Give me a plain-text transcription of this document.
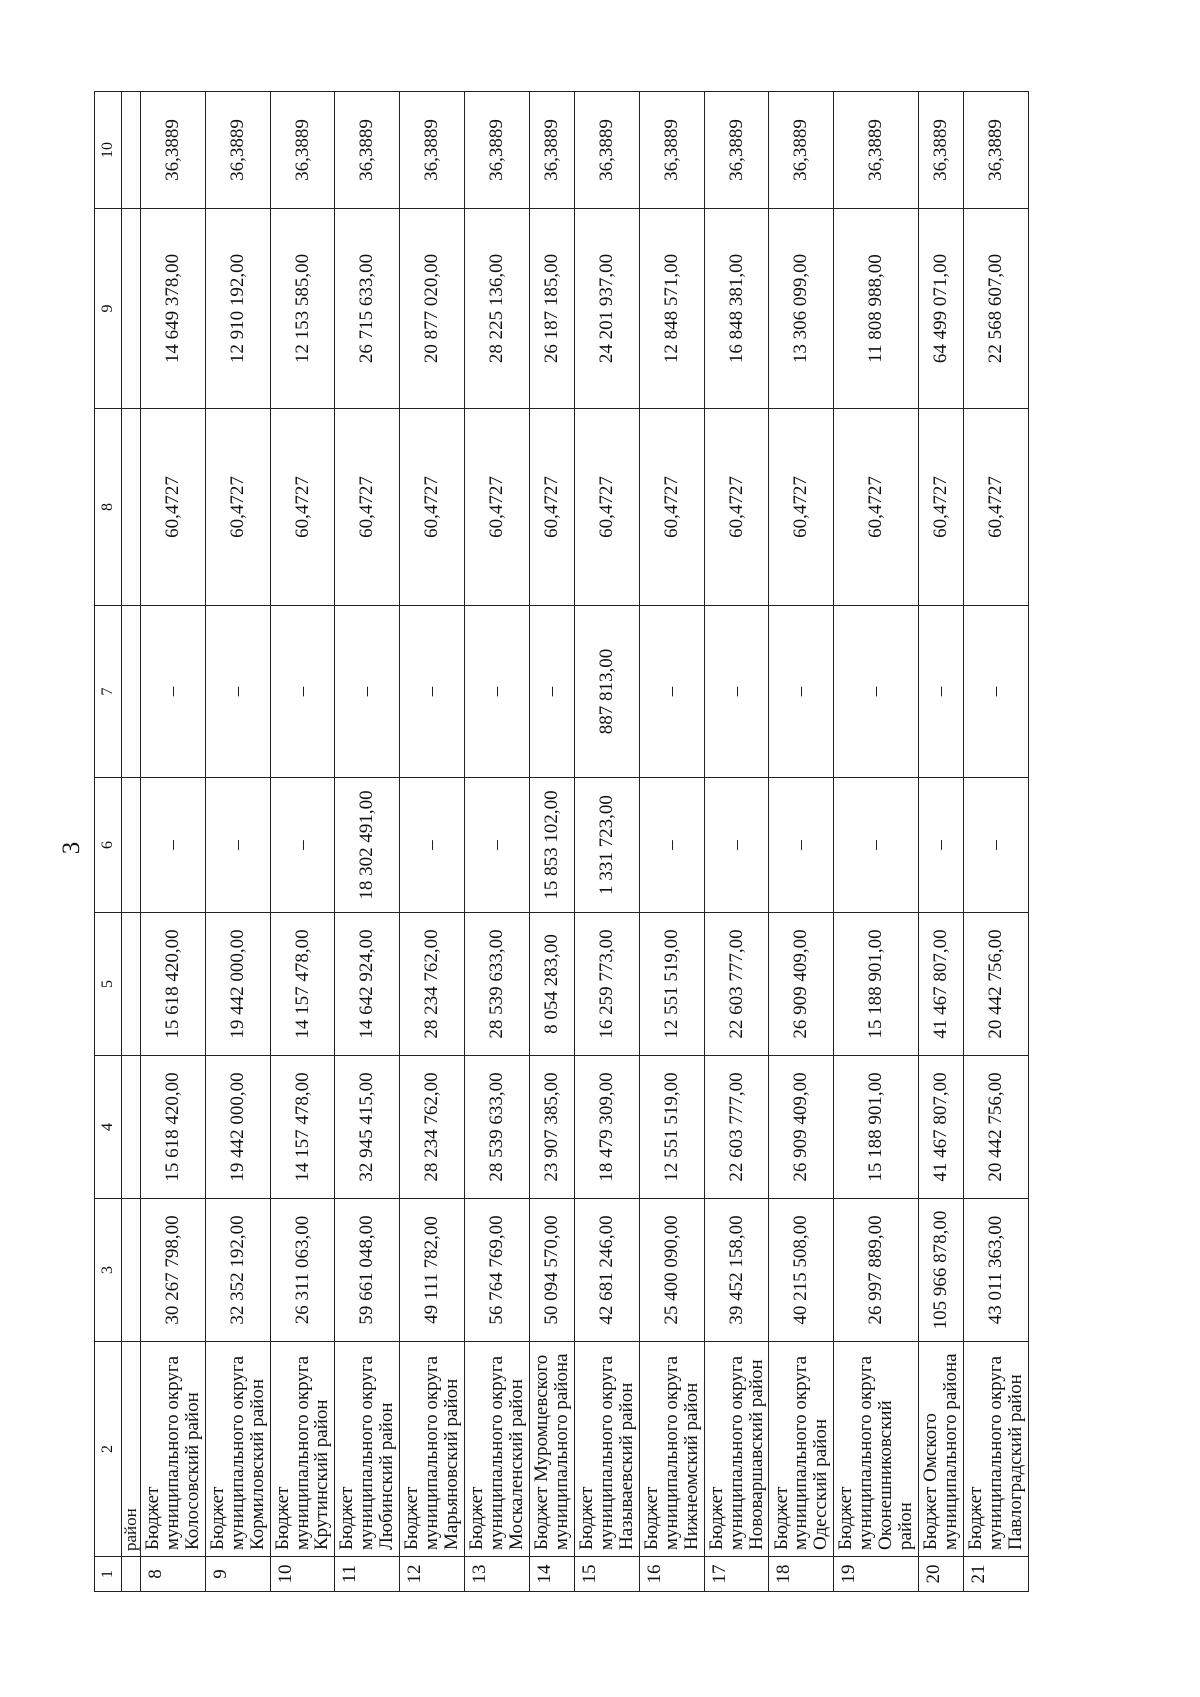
3
1	2	3	4	5	6	7	8	9	10
	район								
8	Бюджет муниципального округа Колосовский район	30 267 798,00	15 618 420,00	15 618 420,00	–	–	60,4727	14 649 378,00	36,3889
9	Бюджет муниципального округа Кормиловский район	32 352 192,00	19 442 000,00	19 442 000,00	–	–	60,4727	12 910 192,00	36,3889
10	Бюджет муниципального округа Крутинский район	26 311 063,00	14 157 478,00	14 157 478,00	–	–	60,4727	12 153 585,00	36,3889
11	Бюджет муниципального округа Любинский район	59 661 048,00	32 945 415,00	14 642 924,00	18 302 491,00	–	60,4727	26 715 633,00	36,3889
12	Бюджет муниципального округа Марьяновский район	49 111 782,00	28 234 762,00	28 234 762,00	–	–	60,4727	20 877 020,00	36,3889
13	Бюджет муниципального округа Москаленский район	56 764 769,00	28 539 633,00	28 539 633,00	–	–	60,4727	28 225 136,00	36,3889
14	Бюджет Муромцевского муниципального района	50 094 570,00	23 907 385,00	8 054 283,00	15 853 102,00	–	60,4727	26 187 185,00	36,3889
15	Бюджет муниципального округа Называевский район	42 681 246,00	18 479 309,00	16 259 773,00	1 331 723,00	887 813,00	60,4727	24 201 937,00	36,3889
16	Бюджет муниципального округа Нижнеомский район	25 400 090,00	12 551 519,00	12 551 519,00	–	–	60,4727	12 848 571,00	36,3889
17	Бюджет муниципального округа Нововаршавский район	39 452 158,00	22 603 777,00	22 603 777,00	–	–	60,4727	16 848 381,00	36,3889
18	Бюджет муниципального округа Одесский район	40 215 508,00	26 909 409,00	26 909 409,00	–	–	60,4727	13 306 099,00	36,3889
19	Бюджет муниципального округа Оконешниковский район	26 997 889,00	15 188 901,00	15 188 901,00	–	–	60,4727	11 808 988,00	36,3889
20	Бюджет Омского муниципального района	105 966 878,00	41 467 807,00	41 467 807,00	–	–	60,4727	64 499 071,00	36,3889
21	Бюджет муниципального округа Павлоградский район	43 011 363,00	20 442 756,00	20 442 756,00	–	–	60,4727	22 568 607,00	36,3889
